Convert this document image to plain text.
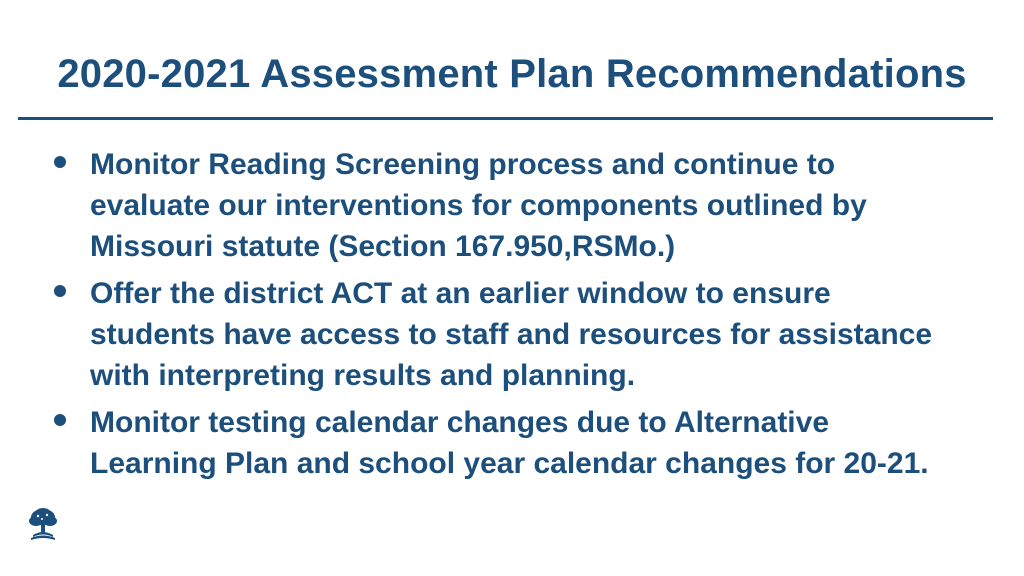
2020-2021 Assessment Plan Recommendations
Monitor Reading Screening process and continue to evaluate our interventions for components outlined by Missouri statute (Section 167.950,RSMo.)
Offer the district ACT at an earlier window to ensure students have access to staff and resources for assistance with interpreting results and planning.
Monitor testing calendar changes due to Alternative Learning Plan and school year calendar changes for 20-21.
